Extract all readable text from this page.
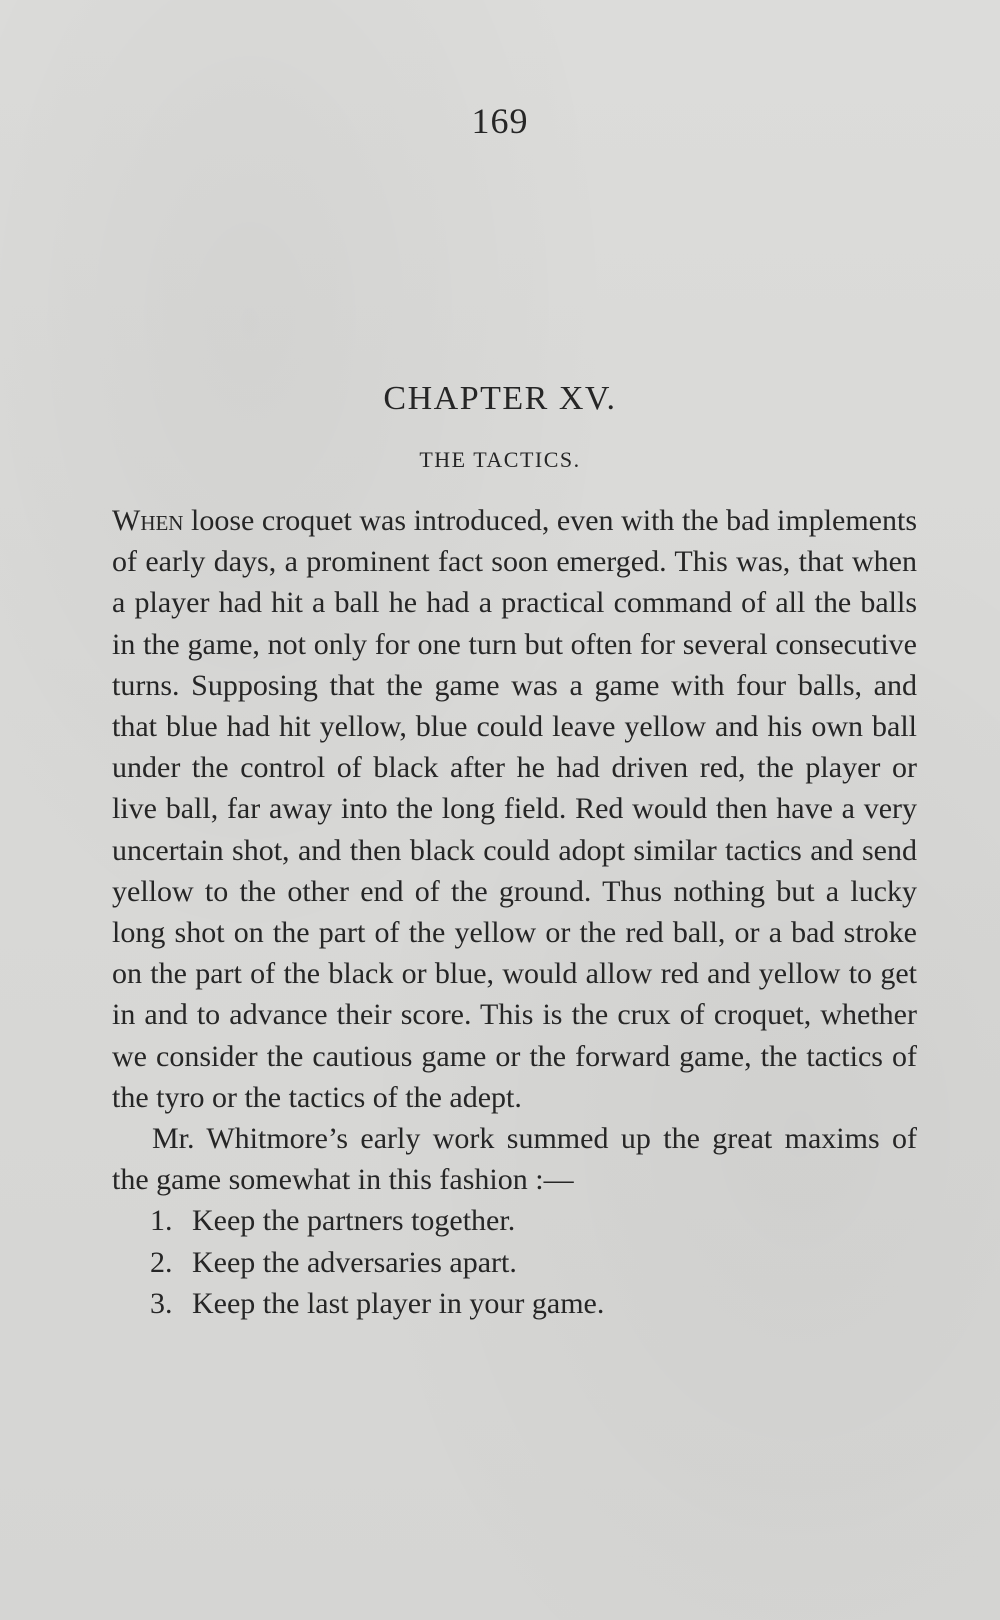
169
CHAPTER XV.
THE TACTICS.

When loose croquet was introduced, even with the bad implements of early days, a prominent fact soon emerged. This was, that when a player had hit a ball he had a practical command of all the balls in the game, not only for one turn but often for several consecutive turns. Supposing that the game was a game with four balls, and that blue had hit yellow, blue could leave yellow and his own ball under the control of black after he had driven red, the player or live ball, far away into the long field. Red would then have a very uncertain shot, and then black could adopt similar tactics and send yellow to the other end of the ground. Thus nothing but a lucky long shot on the part of the yellow or the red ball, or a bad stroke on the part of the black or blue, would allow red and yellow to get in and to advance their score. This is the crux of croquet, whether we consider the cautious game or the forward game, the tactics of the tyro or the tactics of the adept.

Mr. Whitmore’s early work summed up the great maxims of the game somewhat in this fashion :—

1. Keep the partners together.
2. Keep the adversaries apart.
3. Keep the last player in your game.
